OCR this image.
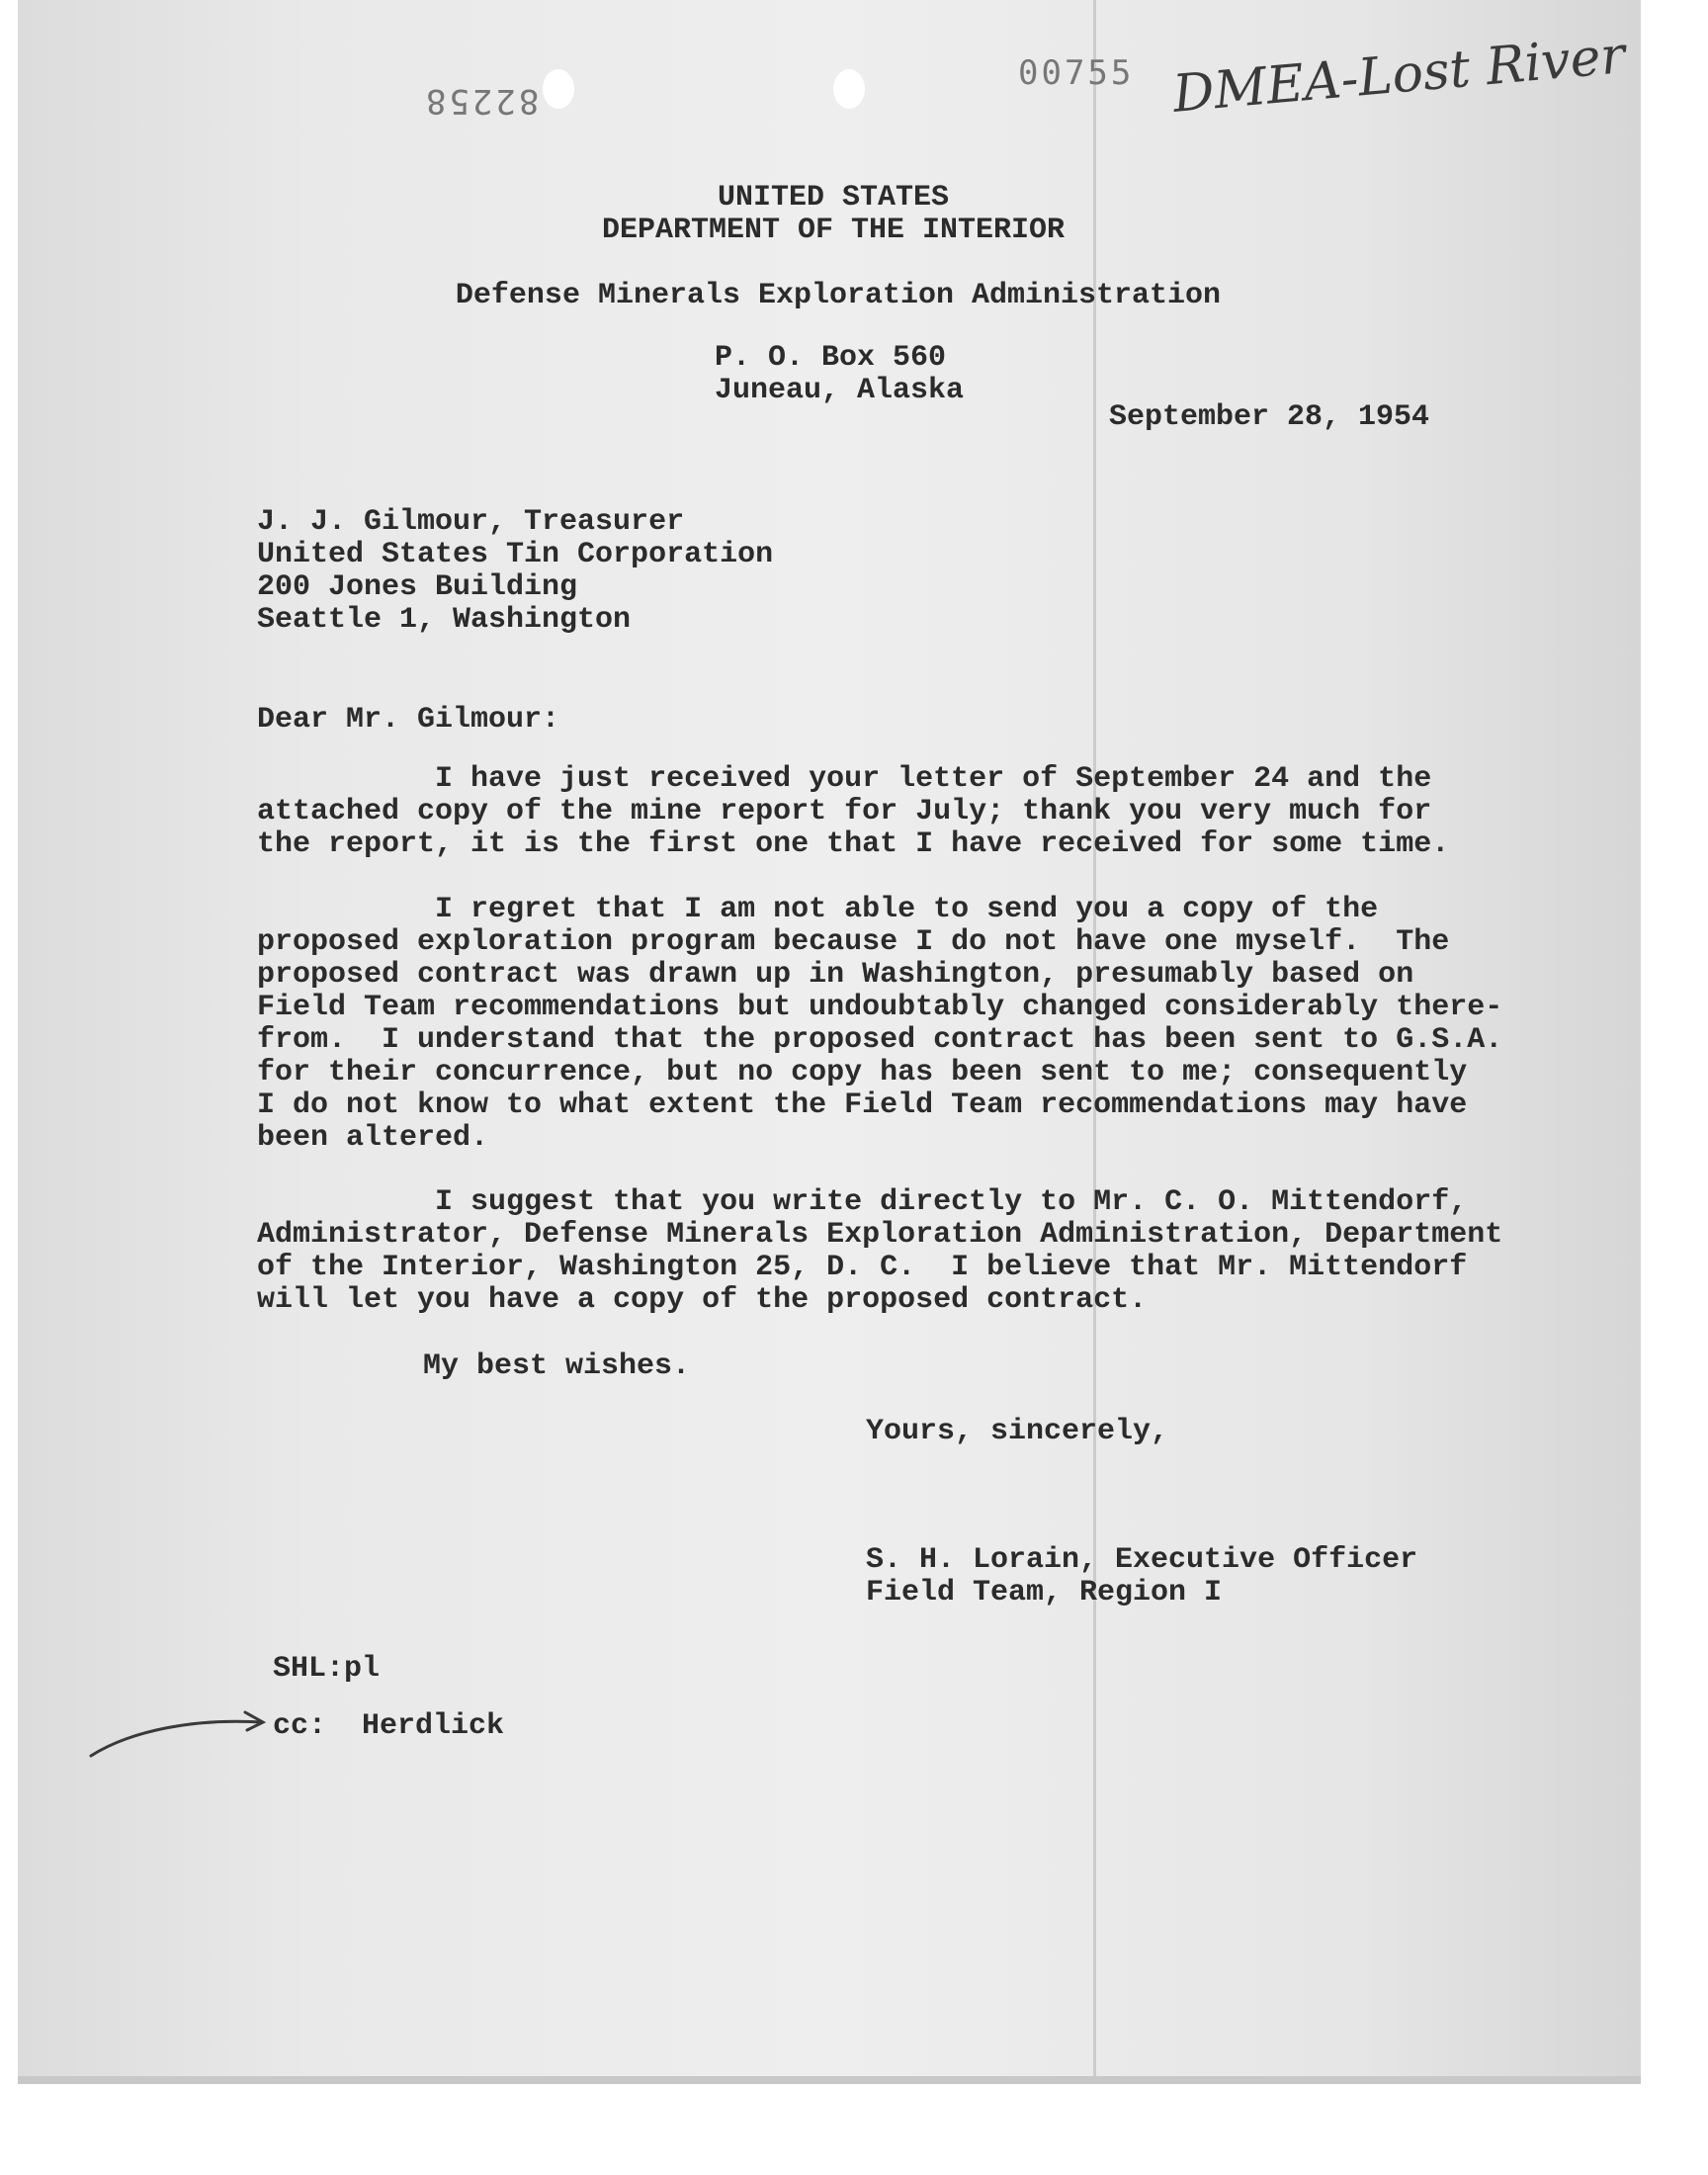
82258
00755 DMEA-Lost River
UNITED STATES
DEPARTMENT OF THE INTERIOR
Defense Minerals Exploration Administration
P. O. Box 560
Juneau, Alaska
September 28, 1954
J. J. Gilmour, Treasurer
United States Tin Corporation
200 Jones Building
Seattle 1, Washington
Dear Mr. Gilmour:
I have just received your letter of September 24 and the
attached copy of the mine report for July; thank you very much for
the report, it is the first one that I have received for some time.
I regret that I am not able to send you a copy of the
proposed exploration program because I do not have one myself.  The
proposed contract was drawn up in Washington, presumably based on
Field Team recommendations but undoubtably changed considerably there-
from.  I understand that the proposed contract has been sent to G.S.A.
for their concurrence, but no copy has been sent to me; consequently
I do not know to what extent the Field Team recommendations may have
been altered.
I suggest that you write directly to Mr. C. O. Mittendorf,
Administrator, Defense Minerals Exploration Administration, Department
of the Interior, Washington 25, D. C.  I believe that Mr. Mittendorf
will let you have a copy of the proposed contract.
My best wishes.
Yours, sincerely,
S. H. Lorain, Executive Officer
Field Team, Region I
SHL:pl
cc:  Herdlick
